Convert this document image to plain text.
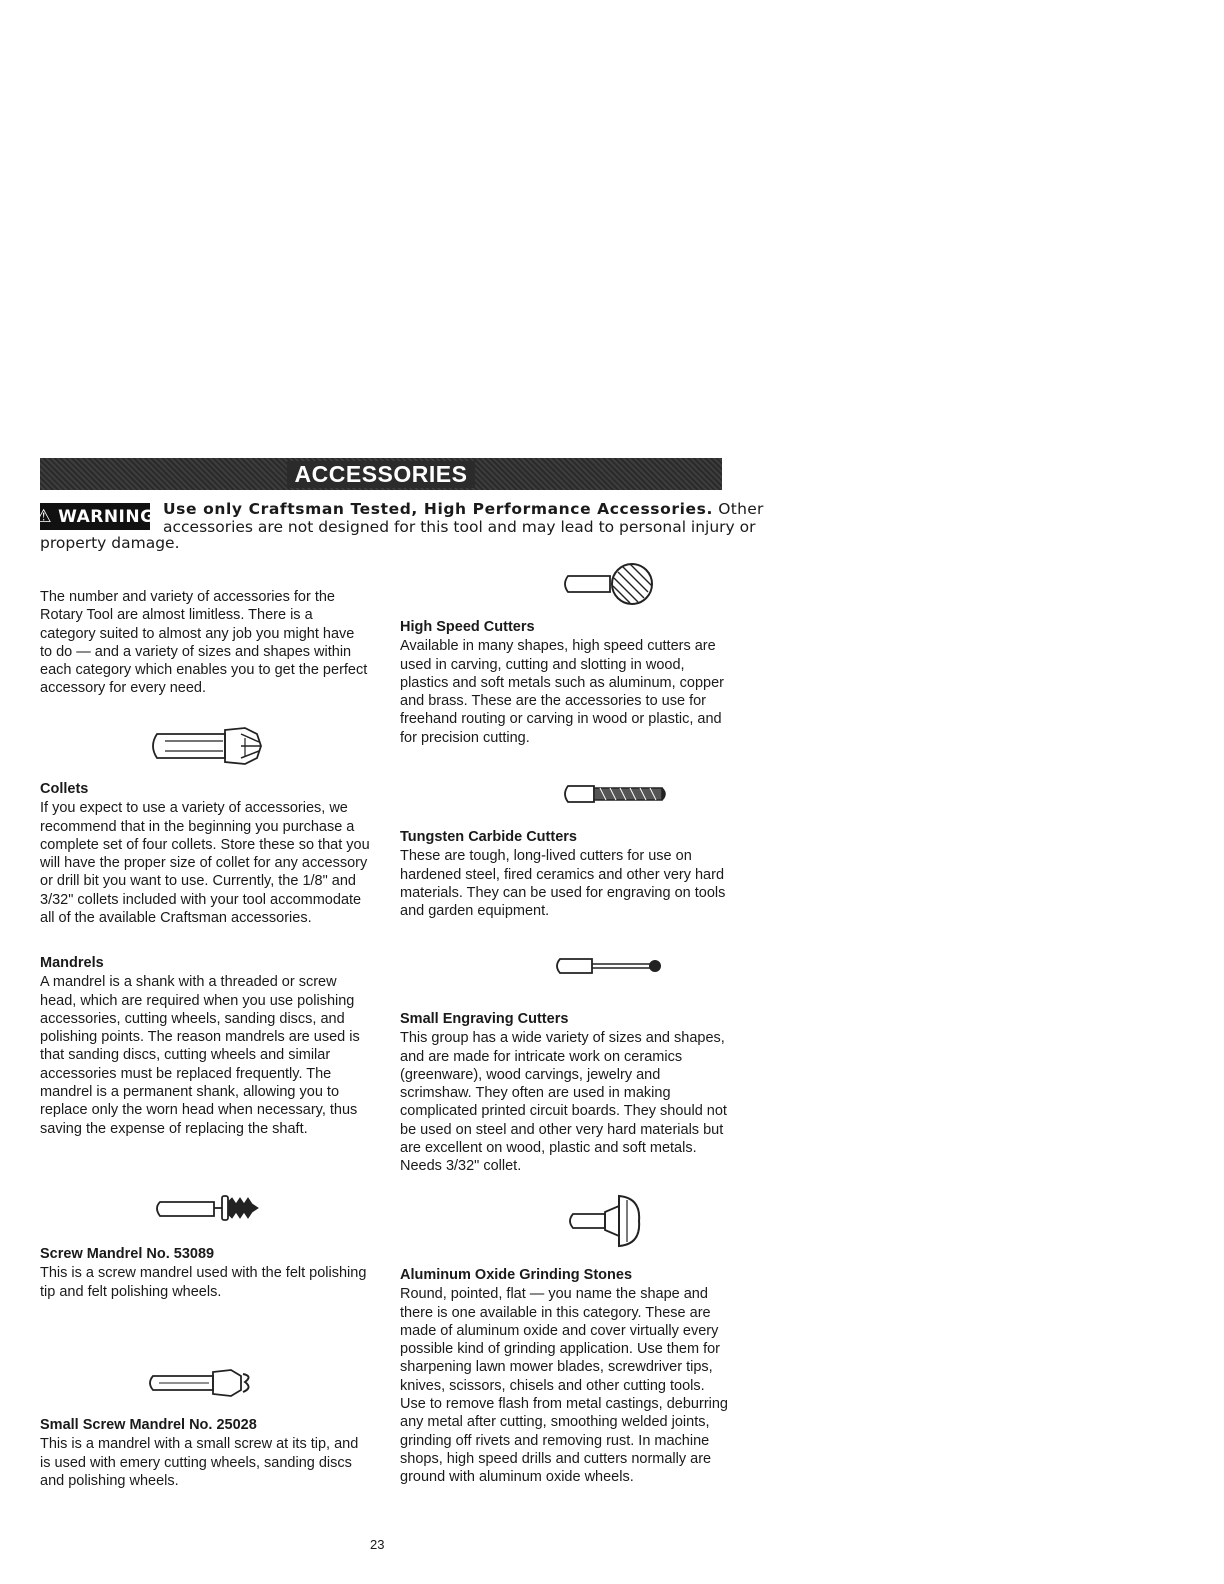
ACCESSORIES
⚠ WARNING Use only Craftsman Tested, High Performance Accessories. Other
accessories are not designed for this tool and may lead to personal injury or
property damage.

The number and variety of accessories for the Rotary Tool are almost limitless. There is a category suited to almost any job you might have to do — and a variety of sizes and shapes within each category which enables you to get the perfect accessory for every need.

Collets

If you expect to use a variety of accessories, we recommend that in the beginning you purchase a complete set of four collets. Store these so that you will have the proper size of collet for any accessory or drill bit you want to use. Currently, the 1/8" and 3/32" collets included with your tool accommodate all of the available Craftsman accessories.

Mandrels

A mandrel is a shank with a threaded or screw head, which are required when you use polishing accessories, cutting wheels, sanding discs, and polishing points. The reason mandrels are used is that sanding discs, cutting wheels and similar accessories must be replaced frequently. The mandrel is a permanent shank, allowing you to replace only the worn head when necessary, thus saving the expense of replacing the shaft.

Screw Mandrel No. 53089

This is a screw mandrel used with the felt polishing tip and felt polishing wheels.

Small Screw Mandrel No. 25028

This is a mandrel with a small screw at its tip, and is used with emery cutting wheels, sanding discs and polishing wheels.

High Speed Cutters

Available in many shapes, high speed cutters are used in carving, cutting and slotting in wood, plastics and soft metals such as aluminum, copper and brass. These are the accessories to use for freehand routing or carving in wood or plastic, and for precision cutting.

Tungsten Carbide Cutters

These are tough, long-lived cutters for use on hardened steel, fired ceramics and other very hard materials. They can be used for engraving on tools and garden equipment.

Small Engraving Cutters

This group has a wide variety of sizes and shapes, and are made for intricate work on ceramics (greenware), wood carvings, jewelry and scrimshaw. They often are used in making complicated printed circuit boards. They should not be used on steel and other very hard materials but are excellent on wood, plastic and soft metals. Needs 3/32" collet.

Aluminum Oxide Grinding Stones

Round, pointed, flat — you name the shape and there is one available in this category. These are made of aluminum oxide and cover virtually every possible kind of grinding application. Use them for sharpening lawn mower blades, screwdriver tips, knives, scissors, chisels and other cutting tools. Use to remove flash from metal castings, deburring any metal after cutting, smoothing welded joints, grinding off rivets and removing rust. In machine shops, high speed drills and cutters normally are ground with aluminum oxide wheels.

23
